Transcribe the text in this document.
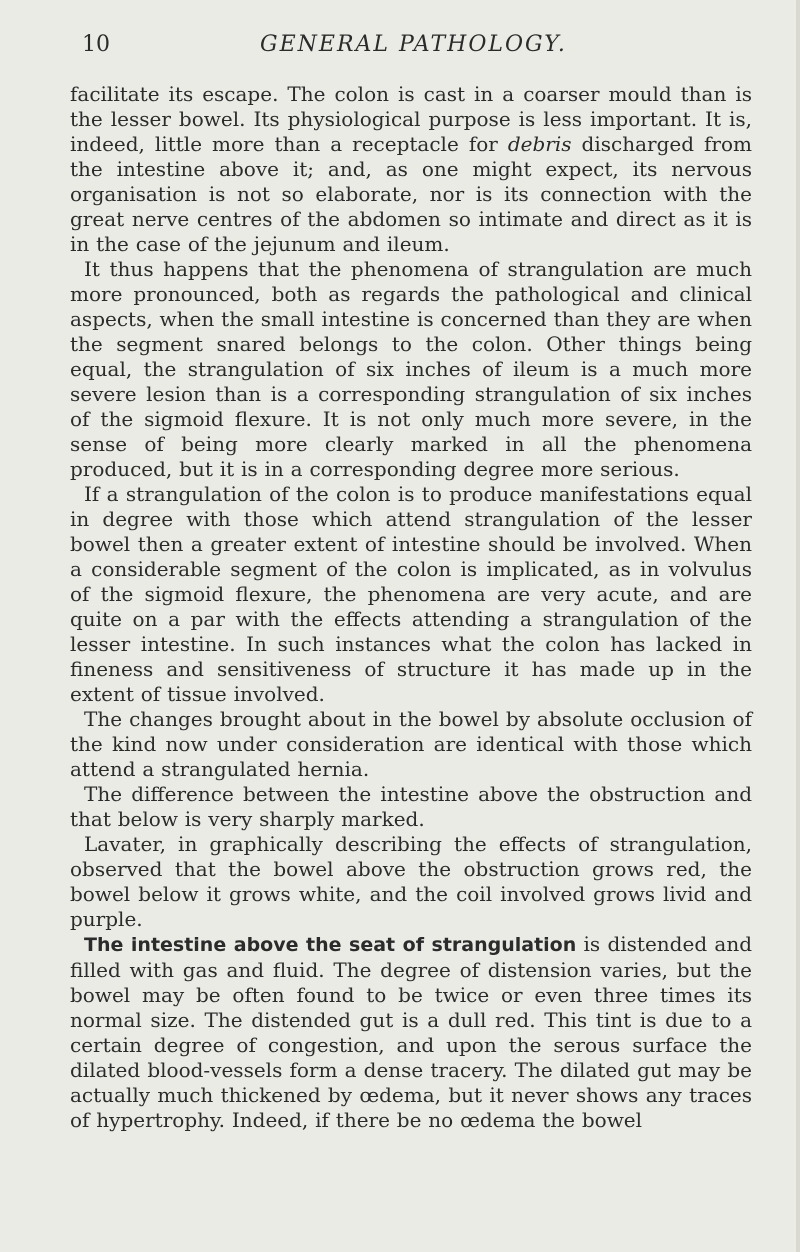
10	GENERAL PATHOLOGY.

facilitate its escape. The colon is cast in a coarser mould than is the lesser bowel. Its physiological purpose is less important. It is, indeed, little more than a receptacle for debris discharged from the intestine above it; and, as one might expect, its nervous organisation is not so elaborate, nor is its connection with the great nerve centres of the abdomen so intimate and direct as it is in the case of the jejunum and ileum.

It thus happens that the phenomena of strangulation are much more pronounced, both as regards the pathological and clinical aspects, when the small intestine is concerned than they are when the segment snared belongs to the colon. Other things being equal, the strangulation of six inches of ileum is a much more severe lesion than is a corresponding strangulation of six inches of the sigmoid flexure. It is not only much more severe, in the sense of being more clearly marked in all the phenomena produced, but it is in a corresponding degree more serious.

If a strangulation of the colon is to produce manifestations equal in degree with those which attend strangulation of the lesser bowel then a greater extent of intestine should be involved. When a considerable segment of the colon is implicated, as in volvulus of the sigmoid flexure, the phenomena are very acute, and are quite on a par with the effects attending a strangulation of the lesser intestine. In such instances what the colon has lacked in fineness and sensitiveness of structure it has made up in the extent of tissue involved.

The changes brought about in the bowel by absolute occlusion of the kind now under consideration are identical with those which attend a strangulated hernia.

The difference between the intestine above the obstruction and that below is very sharply marked.

Lavater, in graphically describing the effects of strangulation, observed that the bowel above the obstruction grows red, the bowel below it grows white, and the coil involved grows livid and purple.

The intestine above the seat of strangulation is distended and filled with gas and fluid. The degree of distension varies, but the bowel may be often found to be twice or even three times its normal size. The distended gut is a dull red. This tint is due to a certain degree of congestion, and upon the serous surface the dilated blood-vessels form a dense tracery. The dilated gut may be actually much thickened by œdema, but it never shows any traces of hypertrophy. Indeed, if there be no œdema the bowel
